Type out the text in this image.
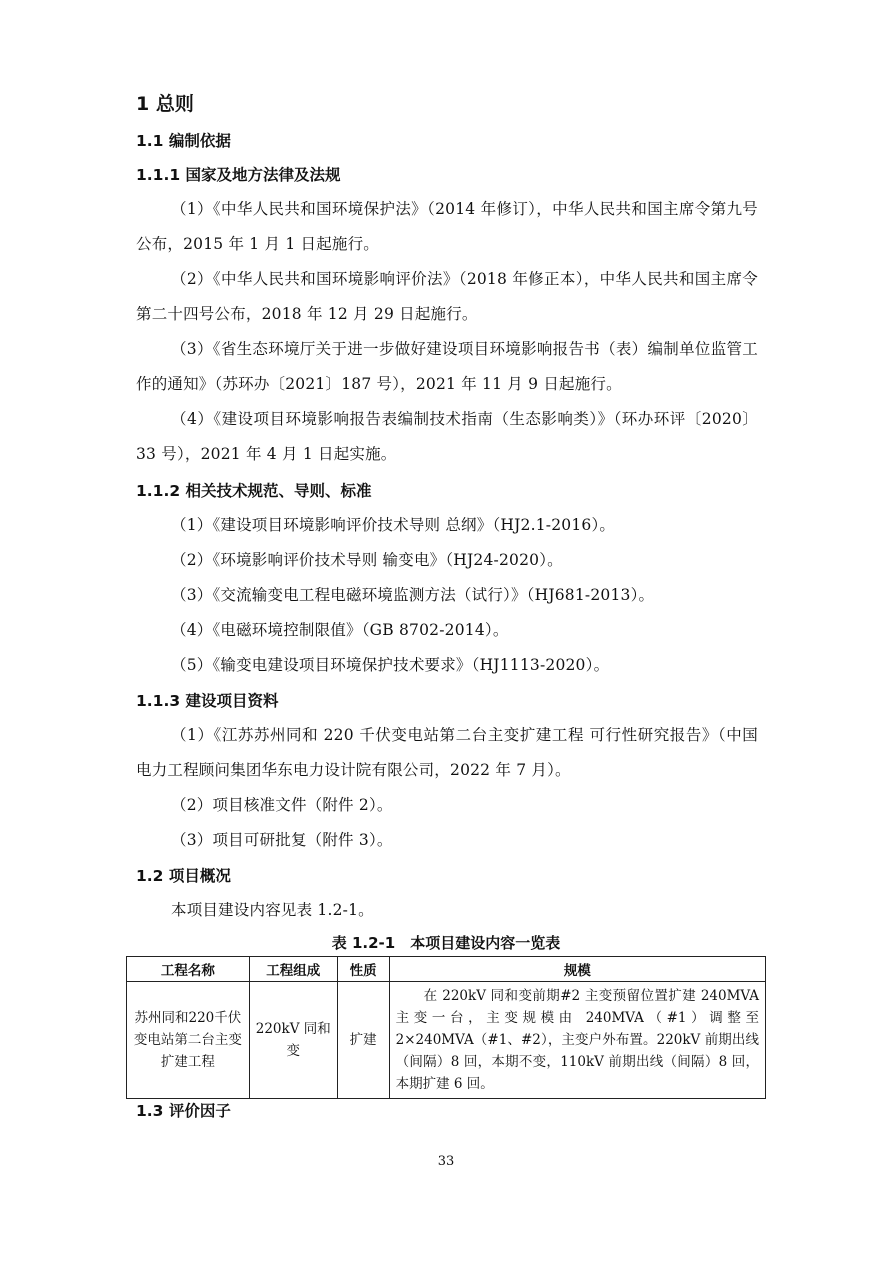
1 总则
1.1 编制依据
1.1.1 国家及地方法律及法规
（1）《中华人民共和国环境保护法》（2014 年修订），中华人民共和国主席令第九号公布，2015 年 1 月 1 日起施行。
（2）《中华人民共和国环境影响评价法》（2018 年修正本），中华人民共和国主席令第二十四号公布，2018 年 12 月 29 日起施行。
（3）《省生态环境厅关于进一步做好建设项目环境影响报告书（表）编制单位监管工作的通知》（苏环办〔2021〕187 号），2021 年 11 月 9 日起施行。
（4）《建设项目环境影响报告表编制技术指南（生态影响类）》（环办环评〔2020〕33 号），2021 年 4 月 1 日起实施。
1.1.2 相关技术规范、导则、标准
（1）《建设项目环境影响评价技术导则 总纲》（HJ2.1-2016）。
（2）《环境影响评价技术导则 输变电》（HJ24-2020）。
（3）《交流输变电工程电磁环境监测方法（试行）》（HJ681-2013）。
（4）《电磁环境控制限值》（GB 8702-2014）。
（5）《输变电建设项目环境保护技术要求》（HJ1113-2020）。
1.1.3 建设项目资料
（1）《江苏苏州同和 220 千伏变电站第二台主变扩建工程 可行性研究报告》（中国电力工程顾问集团华东电力设计院有限公司，2022 年 7 月）。
（2）项目核准文件（附件 2）。
（3）项目可研批复（附件 3）。
1.2 项目概况
本项目建设内容见表 1.2-1。
表 1.2-1　本项目建设内容一览表
工程名称	工程组成	性质	规模
苏州同和220千伏变电站第二台主变扩建工程	220kV 同和变	扩建	在 220kV 同和变前期#2 主变预留位置扩建 240MVA 主变一台，主变规模由 240MVA（#1）调整至 2×240MVA（#1、#2），主变户外布置。220kV 前期出线（间隔）8 回，本期不变，110kV 前期出线（间隔）8 回，本期扩建 6 回。
1.3 评价因子
33
